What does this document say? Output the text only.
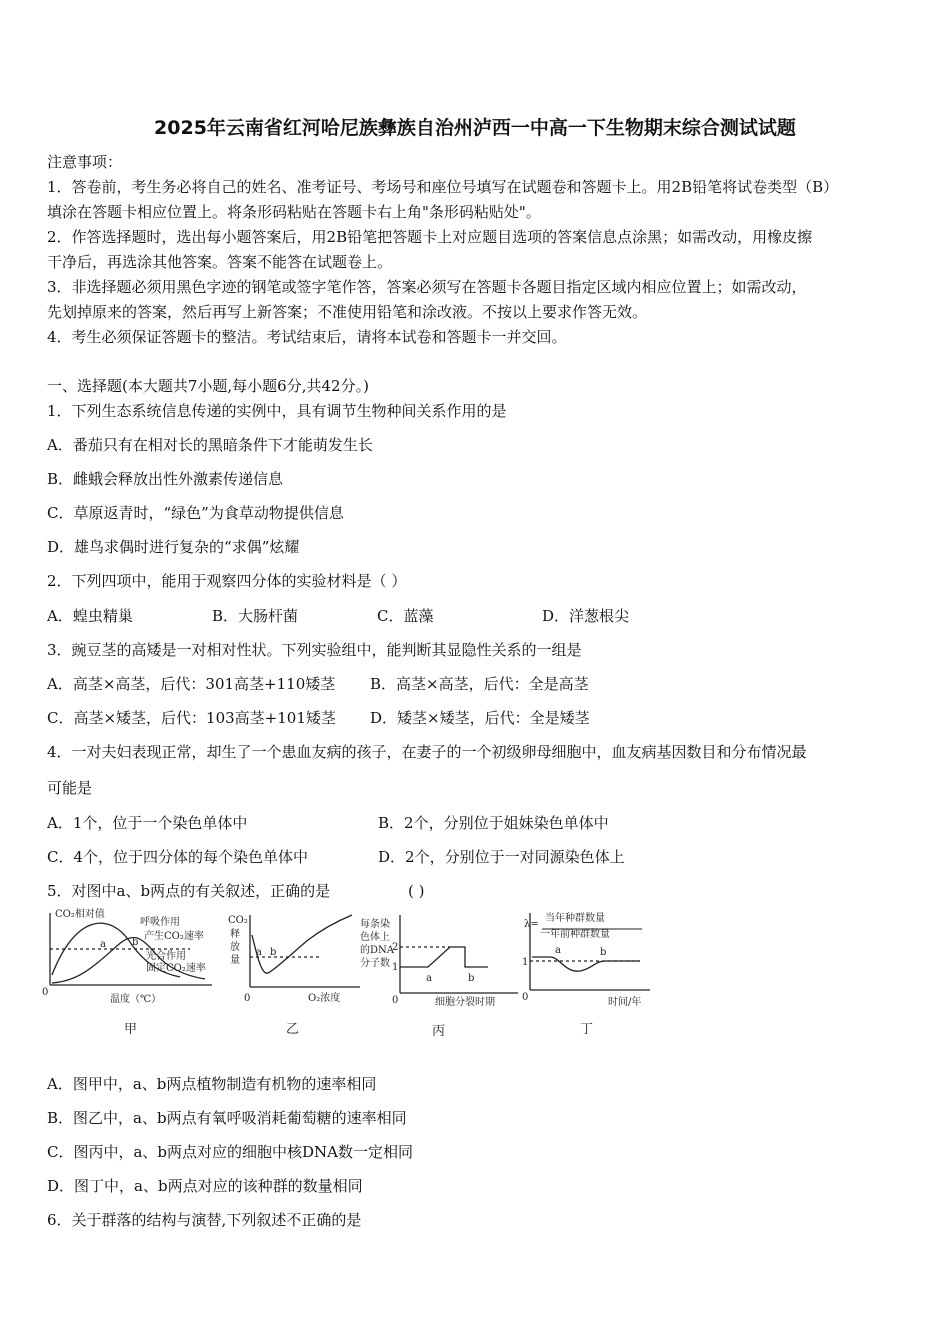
2025年云南省红河哈尼族彝族自治州泸西一中高一下生物期末综合测试试题
注意事项：
1．答卷前，考生务必将自己的姓名、准考证号、考场号和座位号填写在试题卷和答题卡上。用2B铅笔将试卷类型（B）
填涂在答题卡相应位置上。将条形码粘贴在答题卡右上角"条形码粘贴处"。
2．作答选择题时，选出每小题答案后，用2B铅笔把答题卡上对应题目选项的答案信息点涂黑；如需改动，用橡皮擦
干净后，再选涂其他答案。答案不能答在试题卷上。
3．非选择题必须用黑色字迹的钢笔或签字笔作答，答案必须写在答题卡各题目指定区域内相应位置上；如需改动，
先划掉原来的答案，然后再写上新答案；不准使用铅笔和涂改液。不按以上要求作答无效。
4．考生必须保证答题卡的整洁。考试结束后，请将本试卷和答题卡一并交回。
一、选择题(本大题共7小题,每小题6分,共42分。)
1．下列生态系统信息传递的实例中，具有调节生物种间关系作用的是
A．番茄只有在相对长的黑暗条件下才能萌发生长
B．雌蛾会释放出性外激素传递信息
C．草原返青时，“绿色”为食草动物提供信息
D．雄鸟求偶时进行复杂的“求偶”炫耀
2．下列四项中，能用于观察四分体的实验材料是（ ）
A．蝗虫精巢	B．大肠杆菌	C．蓝藻	D．洋葱根尖
3．豌豆茎的高矮是一对相对性状。下列实验组中，能判断其显隐性关系的一组是
A．高茎×高茎，后代：301高茎+110矮茎 B．高茎×高茎，后代：全是高茎
C．高茎×矮茎，后代：103高茎+101矮茎 D．矮茎×矮茎，后代：全是矮茎
4．一对夫妇表现正常，却生了一个患血友病的孩子，在妻子的一个初级卵母细胞中，血友病基因数目和分布情况最
可能是
A．1个，位于一个染色单体中	B．2个，分别位于姐妹染色单体中
C．4个，位于四分体的每个染色单体中	D．2个，分别位于一对同源染色体上
5．对图中a、b两点的有关叙述，正确的是	( )
CO₂相对值
呼吸作用
产生CO₂速率
光合作用
固定CO₂速率
温度（℃）
0
a	b
甲
CO₂
释
放
量
O₂浓度
0
a b
乙
每条染
色体上
的DNA
分子数
2
1
细胞分裂时期
0
a	b
丙
λ=
当年种群数量
一年前种群数量
1
时间/年
0
a	b
丁
A．图甲中，a、b两点植物制造有机物的速率相同
B．图乙中，a、b两点有氧呼吸消耗葡萄糖的速率相同
C．图丙中，a、b两点对应的细胞中核DNA数一定相同
D．图丁中，a、b两点对应的该种群的数量相同
6．关于群落的结构与演替,下列叙述不正确的是
